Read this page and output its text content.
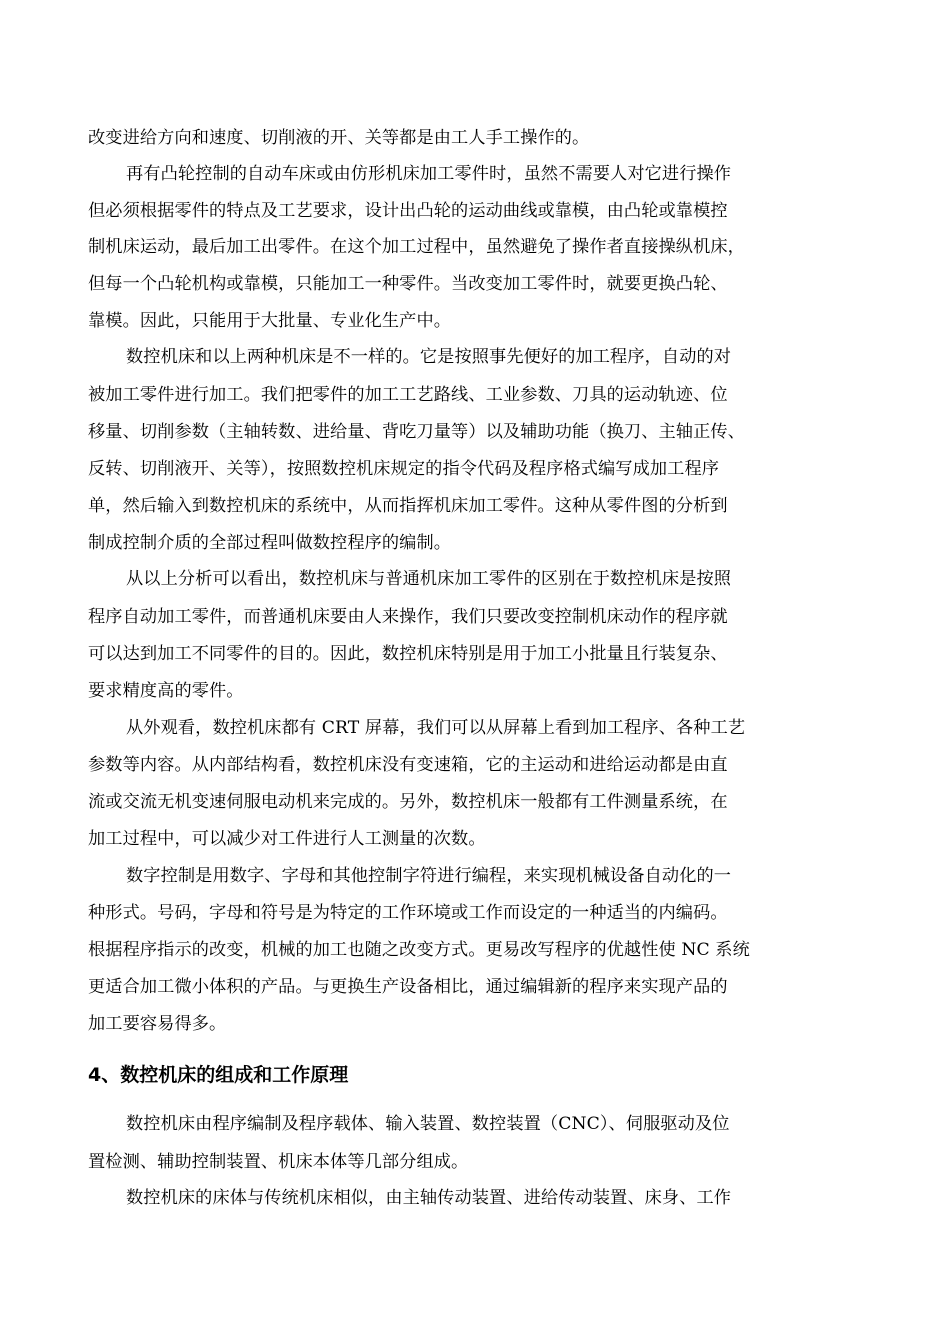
改变进给方向和速度、切削液的开、关等都是由工人手工操作的。

再有凸轮控制的自动车床或由仿形机床加工零件时，虽然不需要人对它进行操作

但必须根据零件的特点及工艺要求，设计出凸轮的运动曲线或靠模，由凸轮或靠模控

制机床运动，最后加工出零件。在这个加工过程中，虽然避免了操作者直接操纵机床，

但每一个凸轮机构或靠模，只能加工一种零件。当改变加工零件时，就要更换凸轮、

靠模。因此，只能用于大批量、专业化生产中。

数控机床和以上两种机床是不一样的。它是按照事先便好的加工程序，自动的对

被加工零件进行加工。我们把零件的加工工艺路线、工业参数、刀具的运动轨迹、位

移量、切削参数（主轴转数、进给量、背吃刀量等）以及辅助功能（换刀、主轴正传、

反转、切削液开、关等），按照数控机床规定的指令代码及程序格式编写成加工程序

单，然后输入到数控机床的系统中，从而指挥机床加工零件。这种从零件图的分析到

制成控制介质的全部过程叫做数控程序的编制。

从以上分析可以看出，数控机床与普通机床加工零件的区别在于数控机床是按照

程序自动加工零件，而普通机床要由人来操作，我们只要改变控制机床动作的程序就

可以达到加工不同零件的目的。因此，数控机床特别是用于加工小批量且行装复杂、

要求精度高的零件。

从外观看，数控机床都有 CRT 屏幕，我们可以从屏幕上看到加工程序、各种工艺

参数等内容。从内部结构看，数控机床没有变速箱，它的主运动和进给运动都是由直

流或交流无机变速伺服电动机来完成的。另外，数控机床一般都有工件测量系统，在

加工过程中，可以减少对工件进行人工测量的次数。

数字控制是用数字、字母和其他控制字符进行编程，来实现机械设备自动化的一

种形式。号码，字母和符号是为特定的工作环境或工作而设定的一种适当的内编码。

根据程序指示的改变，机械的加工也随之改变方式。更易改写程序的优越性使 NC 系统

更适合加工微小体积的产品。与更换生产设备相比，通过编辑新的程序来实现产品的

加工要容易得多。

4、数控机床的组成和工作原理

数控机床由程序编制及程序载体、输入装置、数控装置（CNC）、伺服驱动及位

置检测、辅助控制装置、机床本体等几部分组成。

数控机床的床体与传统机床相似，由主轴传动装置、进给传动装置、床身、工作
